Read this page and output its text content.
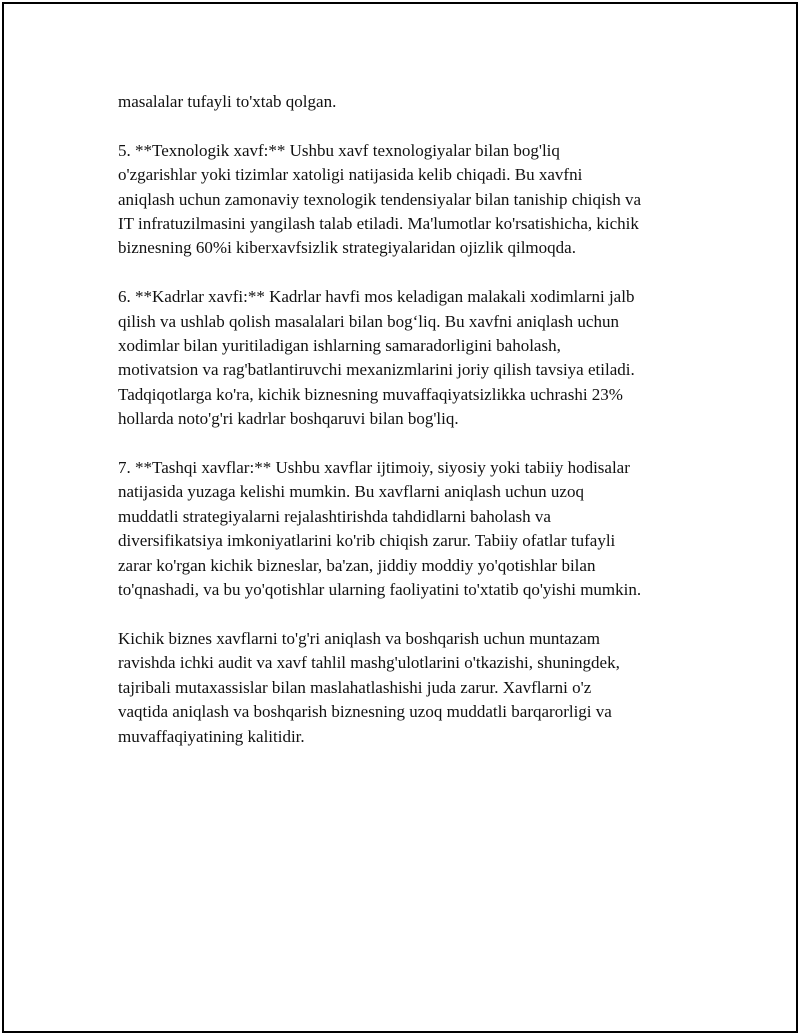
masalalar tufayli to'xtab qolgan.

5. **Texnologik xavf:** Ushbu xavf texnologiyalar bilan bog'liq
o'zgarishlar yoki tizimlar xatoligi natijasida kelib chiqadi. Bu xavfni
aniqlash uchun zamonaviy texnologik tendensiyalar bilan tanishiр chiqish va
IT infratuzilmasini yangilash talab etiladi. Ma'lumotlar ko'rsatishicha, kichik
biznesning 60%i kiberxavfsizlik strategiyalaridan ojizlik qilmoqda.

6. **Kadrlar xavfi:** Kadrlar havfi mos keladigan malakali xodimlarni jalb
qilish va ushlab qolish masalalari bilan bog‘liq. Bu xavfni aniqlash uchun
xodimlar bilan yuritiladigan ishlarning samaradorligini baholash,
motivatsion va rag'batlantiruvchi mexanizmlarini joriy qilish tavsiya etiladi.
Tadqiqotlarga ko'ra, kichik biznesning muvaffaqiyatsizlikka uchrashi 23%
hollarda noto'g'ri kadrlar boshqaruvi bilan bog'liq.

7. **Tashqi xavflar:** Ushbu xavflar ijtimoiy, siyosiy yoki tabiiy hodisalar
natijasida yuzaga kelishi mumkin. Bu xavflarni aniqlash uchun uzoq
muddatli strategiyalarni rejalashtirishda tahdidlarni baholash va
diversifikatsiya imkoniyatlarini ko'rib chiqish zarur. Tabiiy ofatlar tufayli
zarar ko'rgan kichik bizneslar, ba'zan, jiddiy moddiy yo'qotishlar bilan
to'qnashadi, va bu yo'qotishlar ularning faoliyatini to'xtatib qo'yishi mumkin.

Kichik biznes xavflarni to'g'ri aniqlash va boshqarish uchun muntazam
ravishda ichki audit va xavf tahlil mashg'ulotlarini o'tkazishi, shuningdek,
tajribali mutaxassislar bilan maslahatlashishi juda zarur. Xavflarni o'z
vaqtida aniqlash va boshqarish biznesning uzoq muddatli barqarorligi va
muvaffaqiyatining kalitidir.
